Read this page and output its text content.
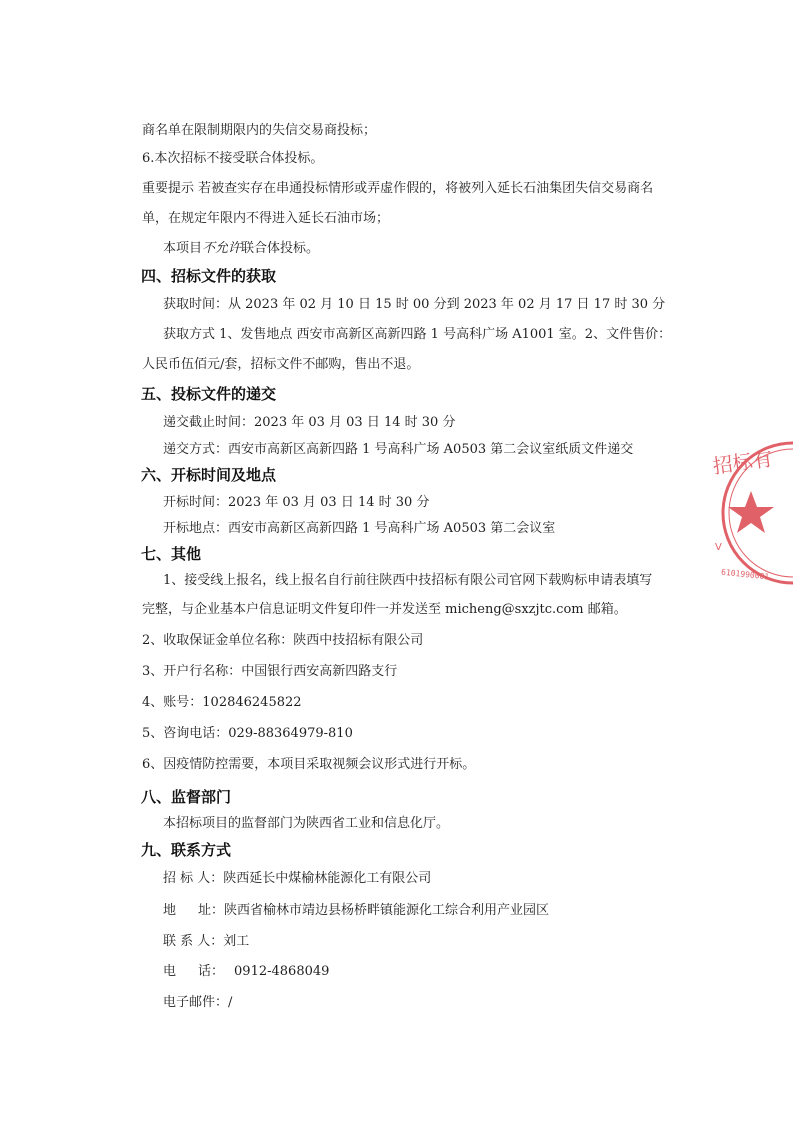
商名单在限制期限内的失信交易商投标；

6.本次招标不接受联合体投标。

重要提示 若被查实存在串通投标情形或弄虚作假的，将被列入延长石油集团失信交易商名

单，在规定年限内不得进入延长石油市场；

本项目不允许联合体投标。

四、招标文件的获取

获取时间：从 2023 年 02 月 10 日 15 时 00 分到 2023 年 02 月 17 日 17 时 30 分

获取方式 1、发售地点 西安市高新区高新四路 1 号高科广场 A1001 室。2、文件售价：

人民币伍佰元/套，招标文件不邮购，售出不退。

五、投标文件的递交

递交截止时间：2023 年 03 月 03 日 14 时 30 分

递交方式：西安市高新区高新四路 1 号高科广场 A0503 第二会议室纸质文件递交

六、开标时间及地点

开标时间：2023 年 03 月 03 日 14 时 30 分

开标地点：西安市高新区高新四路 1 号高科广场 A0503 第二会议室

七、其他

1、接受线上报名，线上报名自行前往陕西中技招标有限公司官网下载购标申请表填写

完整，与企业基本户信息证明文件复印件一并发送至 micheng@sxzjtc.com 邮箱。

2、收取保证金单位名称：陕西中技招标有限公司

3、开户行名称：中国银行西安高新四路支行

4、账号：102846245822

5、咨询电话：029-88364979-810

6、因疫情防控需要，本项目采取视频会议形式进行开标。

八、监督部门

本招标项目的监督部门为陕西省工业和信息化厅。

九、联系方式

招 标 人：陕西延长中煤榆林能源化工有限公司

地 址：陕西省榆林市靖边县杨桥畔镇能源化工综合利用产业园区

联 系 人：刘工

电 话： 0912-4868049

电子邮件：/

招标有
6101990001
V
